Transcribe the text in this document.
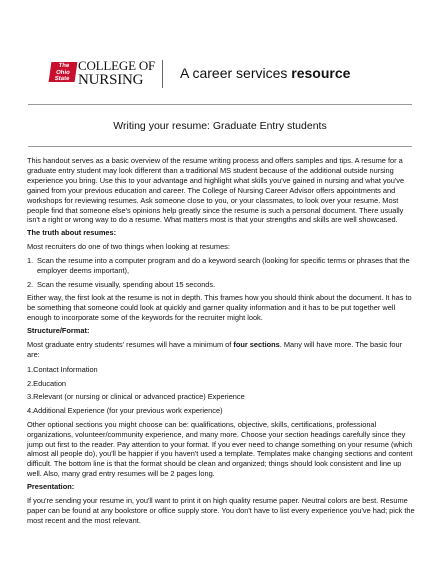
The
Ohio
State
COLLEGE OF
NURSING	A career services resource
Writing your resume: Graduate Entry students

This handout serves as a basic overview of the resume writing process and offers samples and tips. A resume for a graduate entry student may look different than a traditional MS student because of the additional outside nursing experience you bring. Use this to your advantage and highlight what skills you've gained in nursing and what you've gained from your previous education and career. The College of Nursing Career Advisor offers appointments and workshops for reviewing resumes. Ask someone close to you, or your classmates, to look over your resume. Most people find that someone else's opinions help greatly since the resume is such a personal document. There usually isn't a right or wrong way to do a resume. What matters most is that your strengths and skills are well showcased.

The truth about resumes:

Most recruiters do one of two things when looking at resumes:

1. Scan the resume into a computer program and do a keyword search (looking for specific terms or phrases that the employer deems important),
2. Scan the resume visually, spending about 15 seconds.

Either way, the first look at the resume is not in depth. This frames how you should think about the document. It has to be something that someone could look at quickly and garner quality information and it has to be put together well enough to incorporate some of the keywords for the recruiter might look.

Structure/Format:

Most graduate entry students' resumes will have a minimum of four sections. Many will have more. The basic four are:

1.Contact Information

2.Education

3.Relevant (or nursing or clinical or advanced practice) Experience

4.Additional Experience (for your previous work experience)

Other optional sections you might choose can be: qualifications, objective, skills, certifications, professional organizations, volunteer/community experience, and many more. Choose your section headings carefully since they jump out first to the reader. Pay attention to your format. If you ever need to change something on your resume (which almost all people do), you'll be happier if you haven't used a template. Templates make changing sections and content difficult. The bottom line is that the format should be clean and organized; things should look consistent and line up well. Also, many grad entry resumes will be 2 pages long.

Presentation:

If you're sending your resume in, you'll want to print it on high quality resume paper. Neutral colors are best. Resume paper can be found at any bookstore or office supply store. You don't have to list every experience you've had; pick the most recent and the most relevant.
